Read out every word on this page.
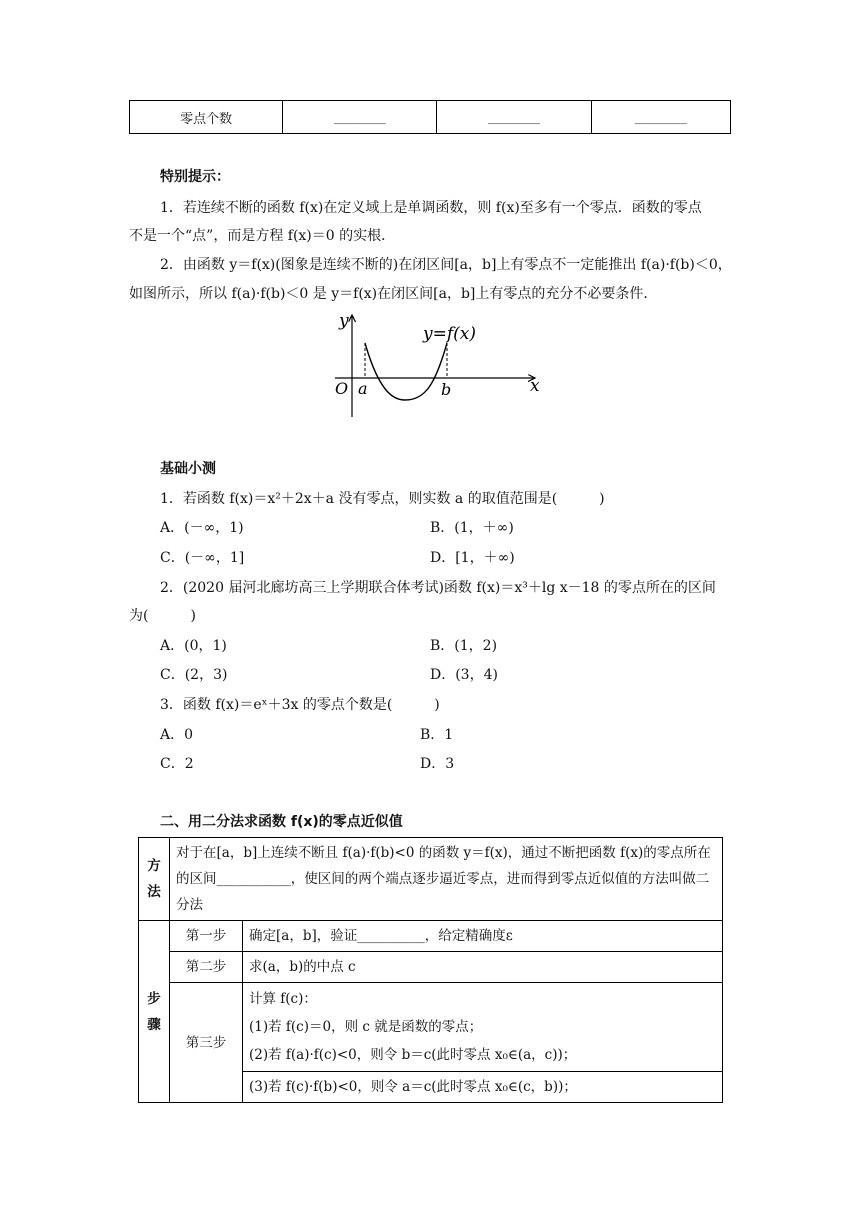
零点个数	________	________	________
特别提示：
1．若连续不断的函数 f(x)在定义域上是单调函数，则 f(x)至多有一个零点．函数的零点
不是一个“点”，而是方程 f(x)＝0 的实根．
2．由函数 y＝f(x)(图象是连续不断的)在闭区间[a，b]上有零点不一定能推出 f(a)·f(b)＜0，
如图所示，所以 f(a)·f(b)＜0 是 y＝f(x)在闭区间[a，b]上有零点的充分不必要条件．
y
x
O a	b
y=f(x)
基础小测
1．若函数 f(x)＝x²＋2x＋a 没有零点，则实数 a 的取值范围是(　　　)
A．(－∞，1)	B．(1，＋∞)
C．(－∞，1]	D．[1，＋∞)
2．(2020 届河北廊坊高三上学期联合体考试)函数 f(x)＝x³＋lg x－18 的零点所在的区间
为(　　　)
A．(0，1)	B．(1，2)
C．(2，3)	D．(3，4)
3．函数 f(x)＝eˣ＋3x 的零点个数是(　　　)
A．0	B．1
C．2	D．3
二、用二分法求函数 f(x)的零点近似值
方法	对于在[a，b]上连续不断且 f(a)·f(b)<0 的函数 y＝f(x)，通过不断把函数 f(x)的零点所在的区间___________，使区间的两个端点逐步逼近零点，进而得到零点近似值的方法叫做二分法	
步骤	第一步	确定[a，b]，验证__________，给定精确度ε
	第二步	求(a，b)的中点 c
	第三步	计算 f(c)：
(1)若 f(c)＝0，则 c 就是函数的零点；
(2)若 f(a)·f(c)<0，则令 b＝c(此时零点 x₀∈(a，c))；

		(3)若 f(c)·f(b)<0，则令 a＝c(此时零点 x₀∈(c，b))；
